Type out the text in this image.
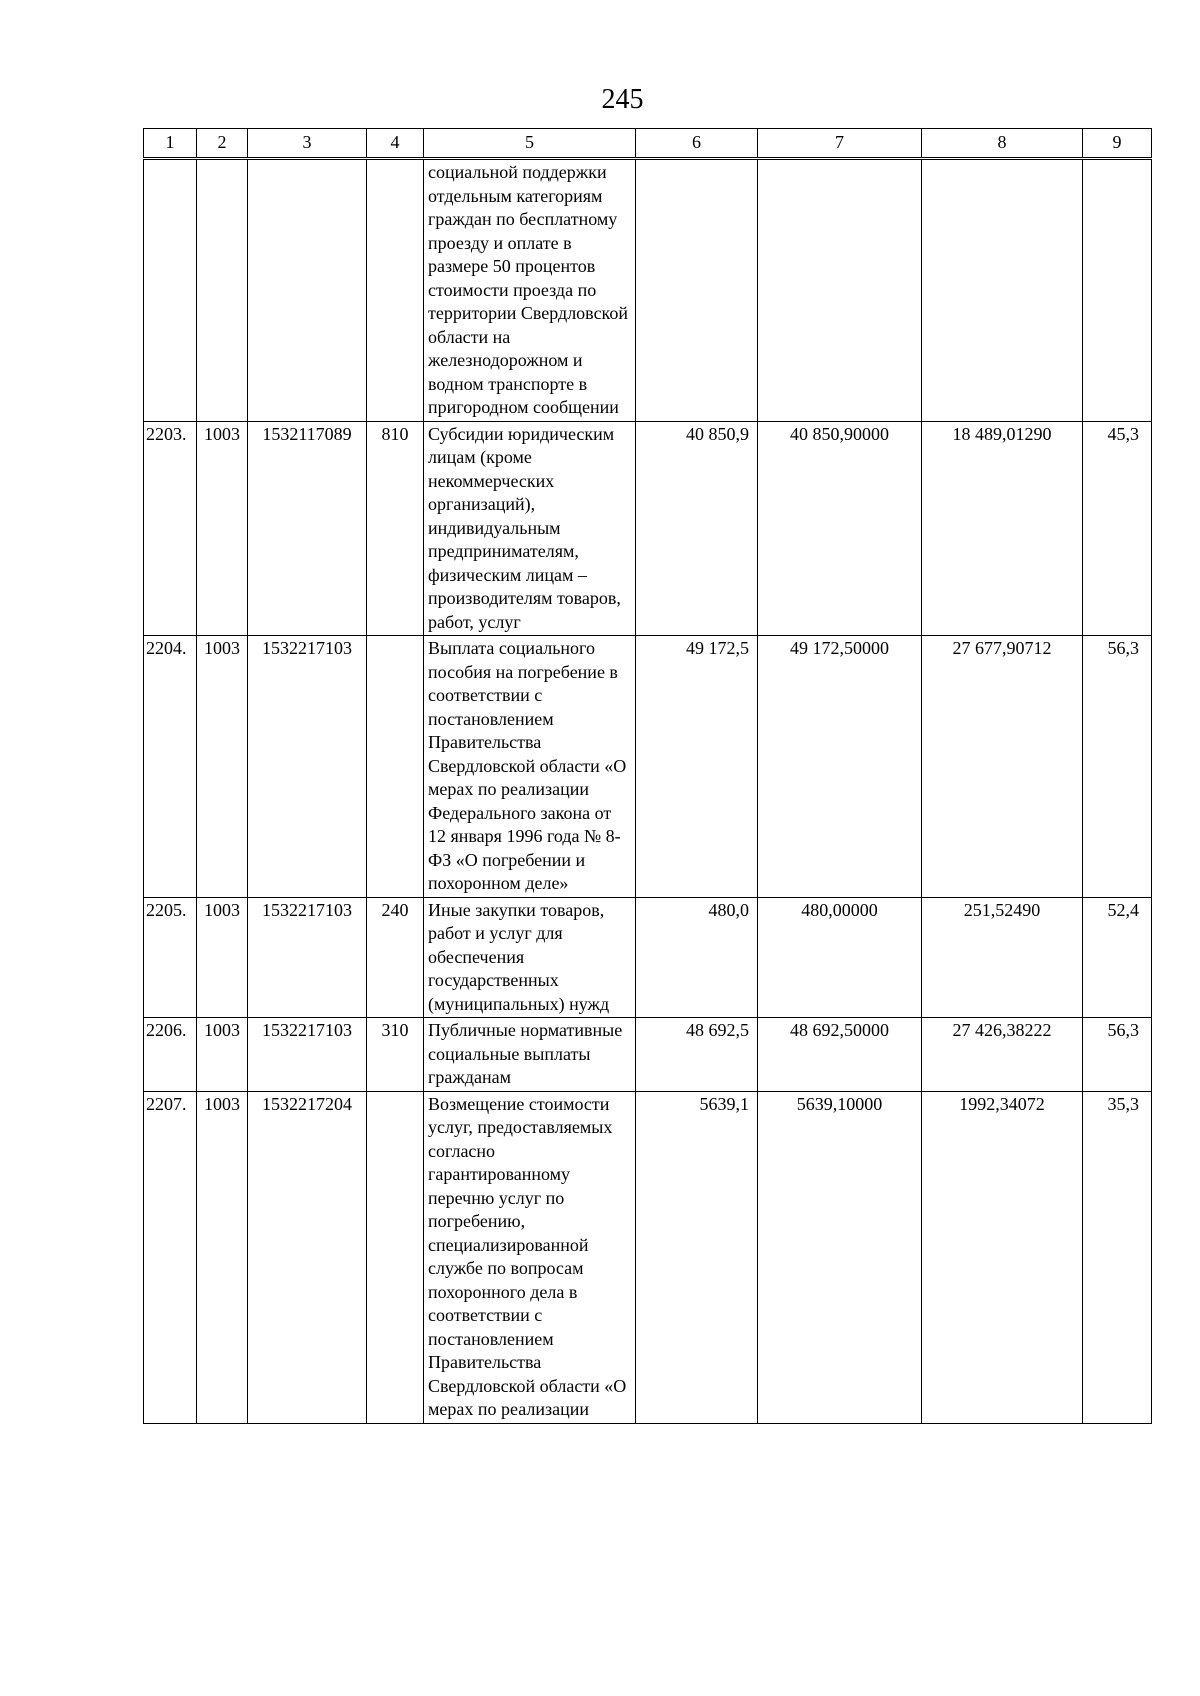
245
1	2	3	4	5	6	7	8	9
				социальной поддержки отдельным категориям граждан по бесплатному проезду и оплате в размере 50 процентов стоимости проезда по территории Свердловской области на железнодорожном и водном транспорте в пригородном сообщении				
2203.	1003	1532117089	810	Субсидии юридическим лицам (кроме некоммерческих организаций), индивидуальным предпринимателям, физическим лицам – производителям товаров, работ, услуг	40 850,9	40 850,90000	18 489,01290	45,3
2204.	1003	1532217103		Выплата социального пособия на погребение в соответствии с постановлением Правительства Свердловской области «О мерах по реализации Федерального закона от 12 января 1996 года № 8-ФЗ «О погребении и похоронном деле»	49 172,5	49 172,50000	27 677,90712	56,3
2205.	1003	1532217103	240	Иные закупки товаров, работ и услуг для обеспечения государственных (муниципальных) нужд	480,0	480,00000	251,52490	52,4
2206.	1003	1532217103	310	Публичные нормативные социальные выплаты гражданам	48 692,5	48 692,50000	27 426,38222	56,3
2207.	1003	1532217204		Возмещение стоимости услуг, предоставляемых согласно гарантированному перечню услуг по погребению, специализированной службе по вопросам похоронного дела в соответствии с постановлением Правительства Свердловской области «О мерах по реализации	5639,1	5639,10000	1992,34072	35,3
